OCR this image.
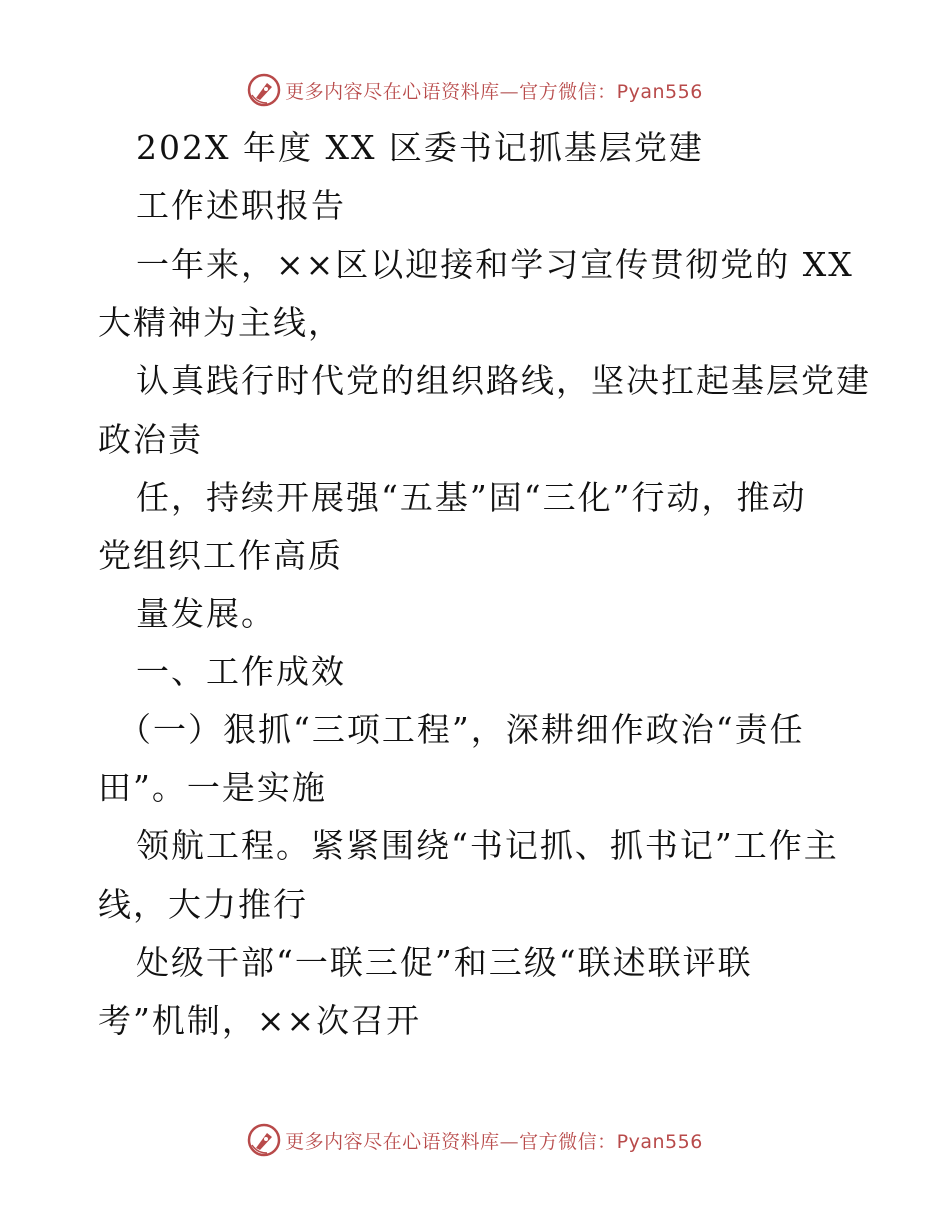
更多内容尽在心语资料库—官方微信：Pyan556
202X 年度 XX 区委书记抓基层党建
工作述职报告
一年来，××区以迎接和学习宣传贯彻党的 XX
大精神为主线，
认真践行时代党的组织路线，坚决扛起基层党建
政治责
任，持续开展强“五基”固“三化”行动，推动
党组织工作高质
量发展。
一、工作成效
（一）狠抓“三项工程”，深耕细作政治“责任
田”。一是实施
领航工程。紧紧围绕“书记抓、抓书记”工作主
线，大力推行
处级干部“一联三促”和三级“联述联评联
考”机制，××次召开
更多内容尽在心语资料库—官方微信：Pyan556
